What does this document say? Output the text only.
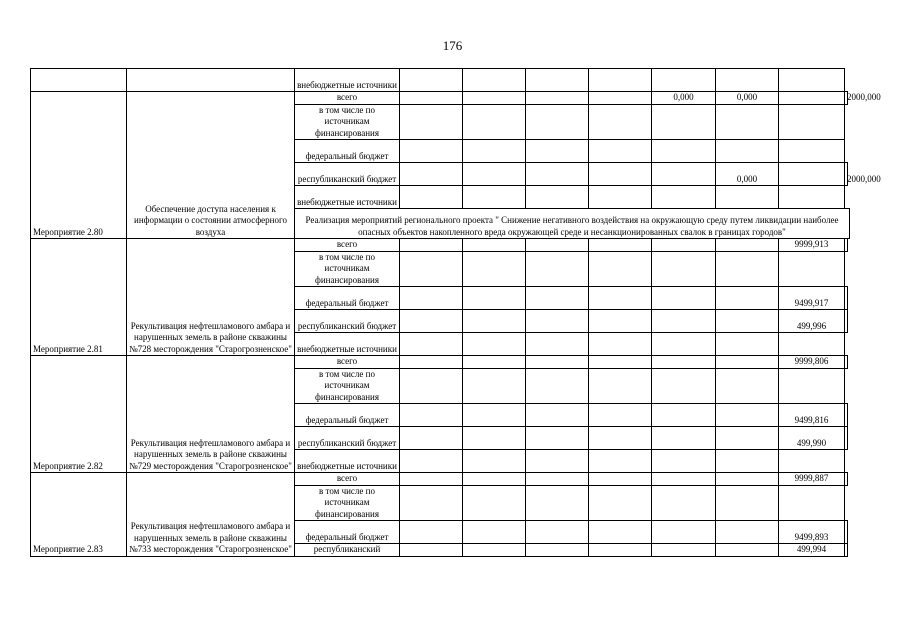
176
		внебюджетные источники								
Мероприятие 2.80	Обеспечение доступа населения к информации о состоянии атмосферного воздуха	всего					0,000	0,000		2000,000
		в том числе по источникам финансирования								
		федеральный бюджет								
		республиканский бюджет						0,000		2000,000
		внебюджетные источники								
		Реализация мероприятий регионального проекта " Снижение негативного воздействия на окружающую среду путем ликвидации наиболее опасных объектов накопленного вреда окружающей среде и несанкционированных свалок в границах городов"								
Мероприятие 2.81	Рекультивация нефтешламового амбара и нарушенных земель в районе скважины №728 месторождения "Старогрозненское"	всего							9999,913	
		в том числе по источникам финансирования								
		федеральный бюджет							9499,917	
		республиканский бюджет							499,996	
		внебюджетные источники								
Мероприятие 2.82	Рекультивация нефтешламового амбара и нарушенных земель в районе скважины №729 месторождения "Старогрозненское"	всего							9999,806	
		в том числе по источникам финансирования								
		федеральный бюджет							9499,816	
		республиканский бюджет							499,990	
		внебюджетные источники								
Мероприятие 2.83	Рекультивация нефтешламового амбара и нарушенных земель в районе скважины №733 месторождения "Старогрозненское"	всего							9999,887	
		в том числе по источникам финансирования								
		федеральный бюджет							9499,893	
		республиканский							499,994	
